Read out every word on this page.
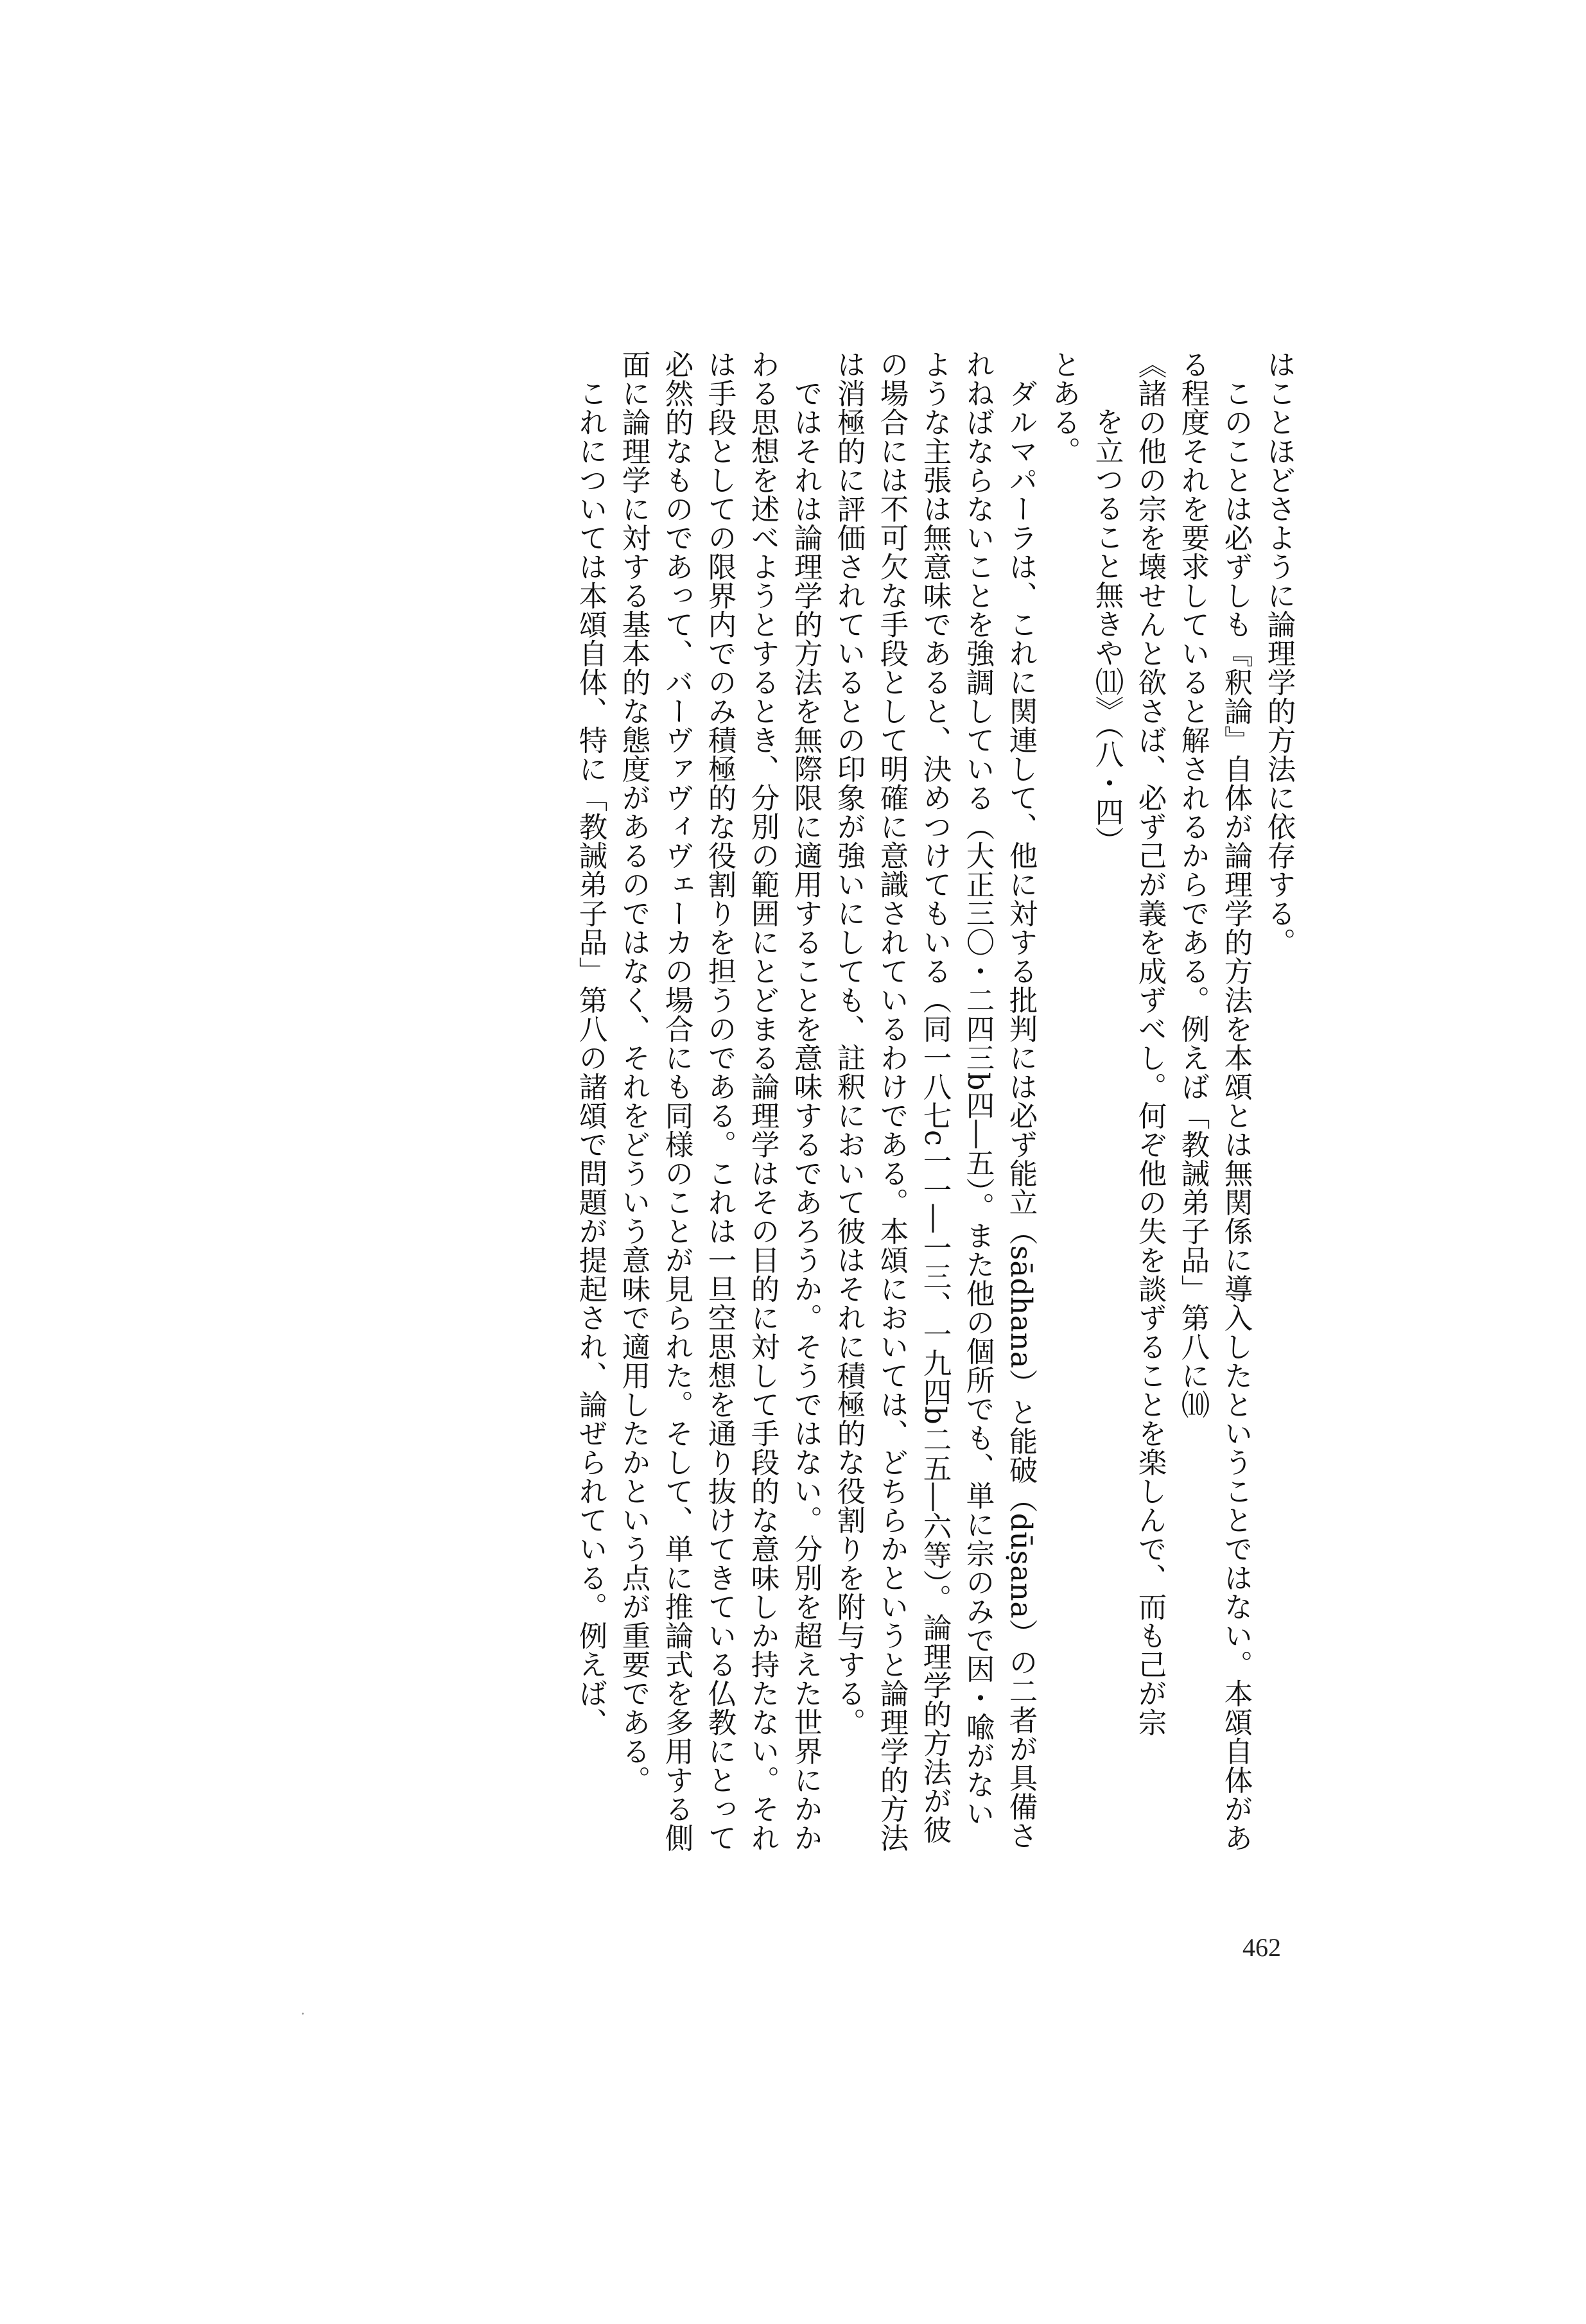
はことほどさように論理学的方法に依存する。

このことは必ずしも『釈論』自体が論理学的方法を本頌とは無関係に導入したということではない。本頌自体がある程度それを要求していると解されるからである。例えば「教誡弟子品」第八に⑽

《諸の他の宗を壊せんと欲さば、必ず己が義を成ずべし。何ぞ他の失を談ずることを楽しんで、而も己が宗
を立つること無きや⑾》（八・四）

とある。

ダルマパーラは、これに関連して、他に対する批判には必ず能立（sādhana）と能破（dūṣana）の二者が具備されねばならないことを強調している（大正三〇・二四三b四―五）。また他の個所でも、単に宗のみで因・喩がないような主張は無意味であると、決めつけてもいる（同一八七c一一―一三、一九四b二五―六等）。論理学的方法が彼の場合には不可欠な手段として明確に意識されているわけである。本頌においては、どちらかというと論理学的方法は消極的に評価されているとの印象が強いにしても、註釈において彼はそれに積極的な役割りを附与する。

ではそれは論理学的方法を無際限に適用することを意味するであろうか。そうではない。分別を超えた世界にかかわる思想を述べようとするとき、分別の範囲にとどまる論理学はその目的に対して手段的な意味しか持たない。それは手段としての限界内でのみ積極的な役割りを担うのである。これは一旦空思想を通り抜けてきている仏教にとって必然的なものであって、バーヴァヴィヴェーカの場合にも同様のことが見られた。そして、単に推論式を多用する側面に論理学に対する基本的な態度があるのではなく、それをどういう意味で適用したかという点が重要である。

これについては本頌自体、特に「教誡弟子品」第八の諸頌で問題が提起され、論ぜられている。例えば、

462
